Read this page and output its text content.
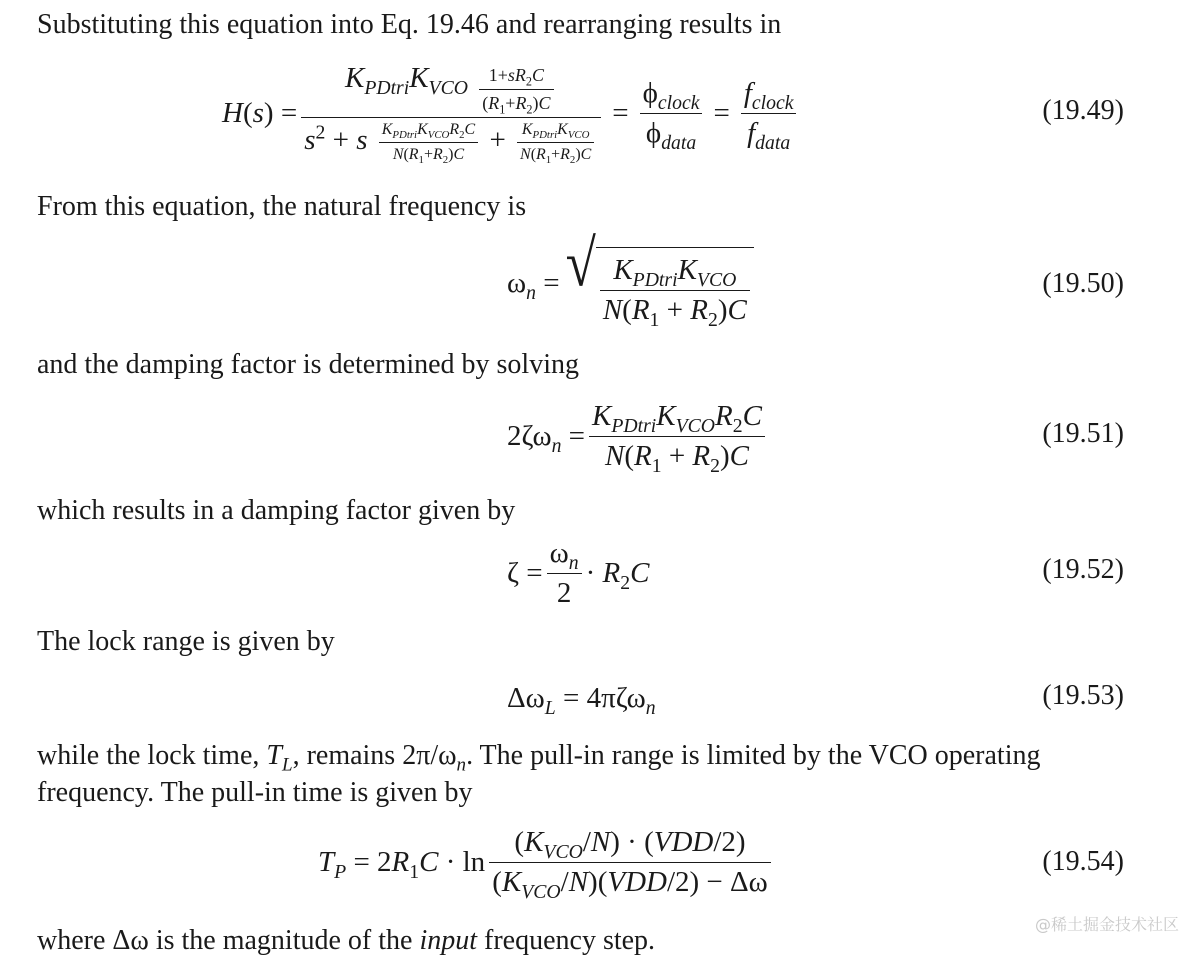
Substituting this equation into Eq. 19.46 and rearranging results in
H(s) =
$K_{PDtri}K_{VCO} \frac{1+sR_2C}{(R_1+R_2)C}$
$s^2 + s \frac{K_{PDtri}K_{VCO}R_2C}{N(R_1+R_2)C} + \frac{K_{PDtri}K_{VCO}}{N(R_1+R_2)C}$
= $\frac{\phi_{clock}}{\phi_{data}} = \frac{f_{clock}}{f_{data}}$	(19.49)
From this equation, the natural frequency is
$\omega_n$ = √ $\frac{K_{PDtri}K_{VCO}}{N(R_1 + R_2)C}$	(19.50)
and the damping factor is determined by solving
$2\zeta\omega_n = \frac{K_{PDtri}K_{VCO}R_2C}{N(R_1 + R_2)C}$	(19.51)
which results in a damping factor given by
$\zeta = \frac{\omega_n}{2} \cdot R_2C$	(19.52)
The lock range is given by
$\Delta\omega_L = 4\pi\zeta\omega_n$	(19.53)
while the lock time, $T_L$, remains $2\pi/\omega_n$. The pull-in range is limited by the VCO operating
frequency. The pull-in time is given by
$T_P = 2R_1C \cdot \ln \frac{(K_{VCO}/N) \cdot (VDD/2)}{(K_{VCO}/N)(VDD/2) - \Delta\omega}$	(19.54)
where Δω is the magnitude of the input frequency step.
@稀土掘金技术社区
